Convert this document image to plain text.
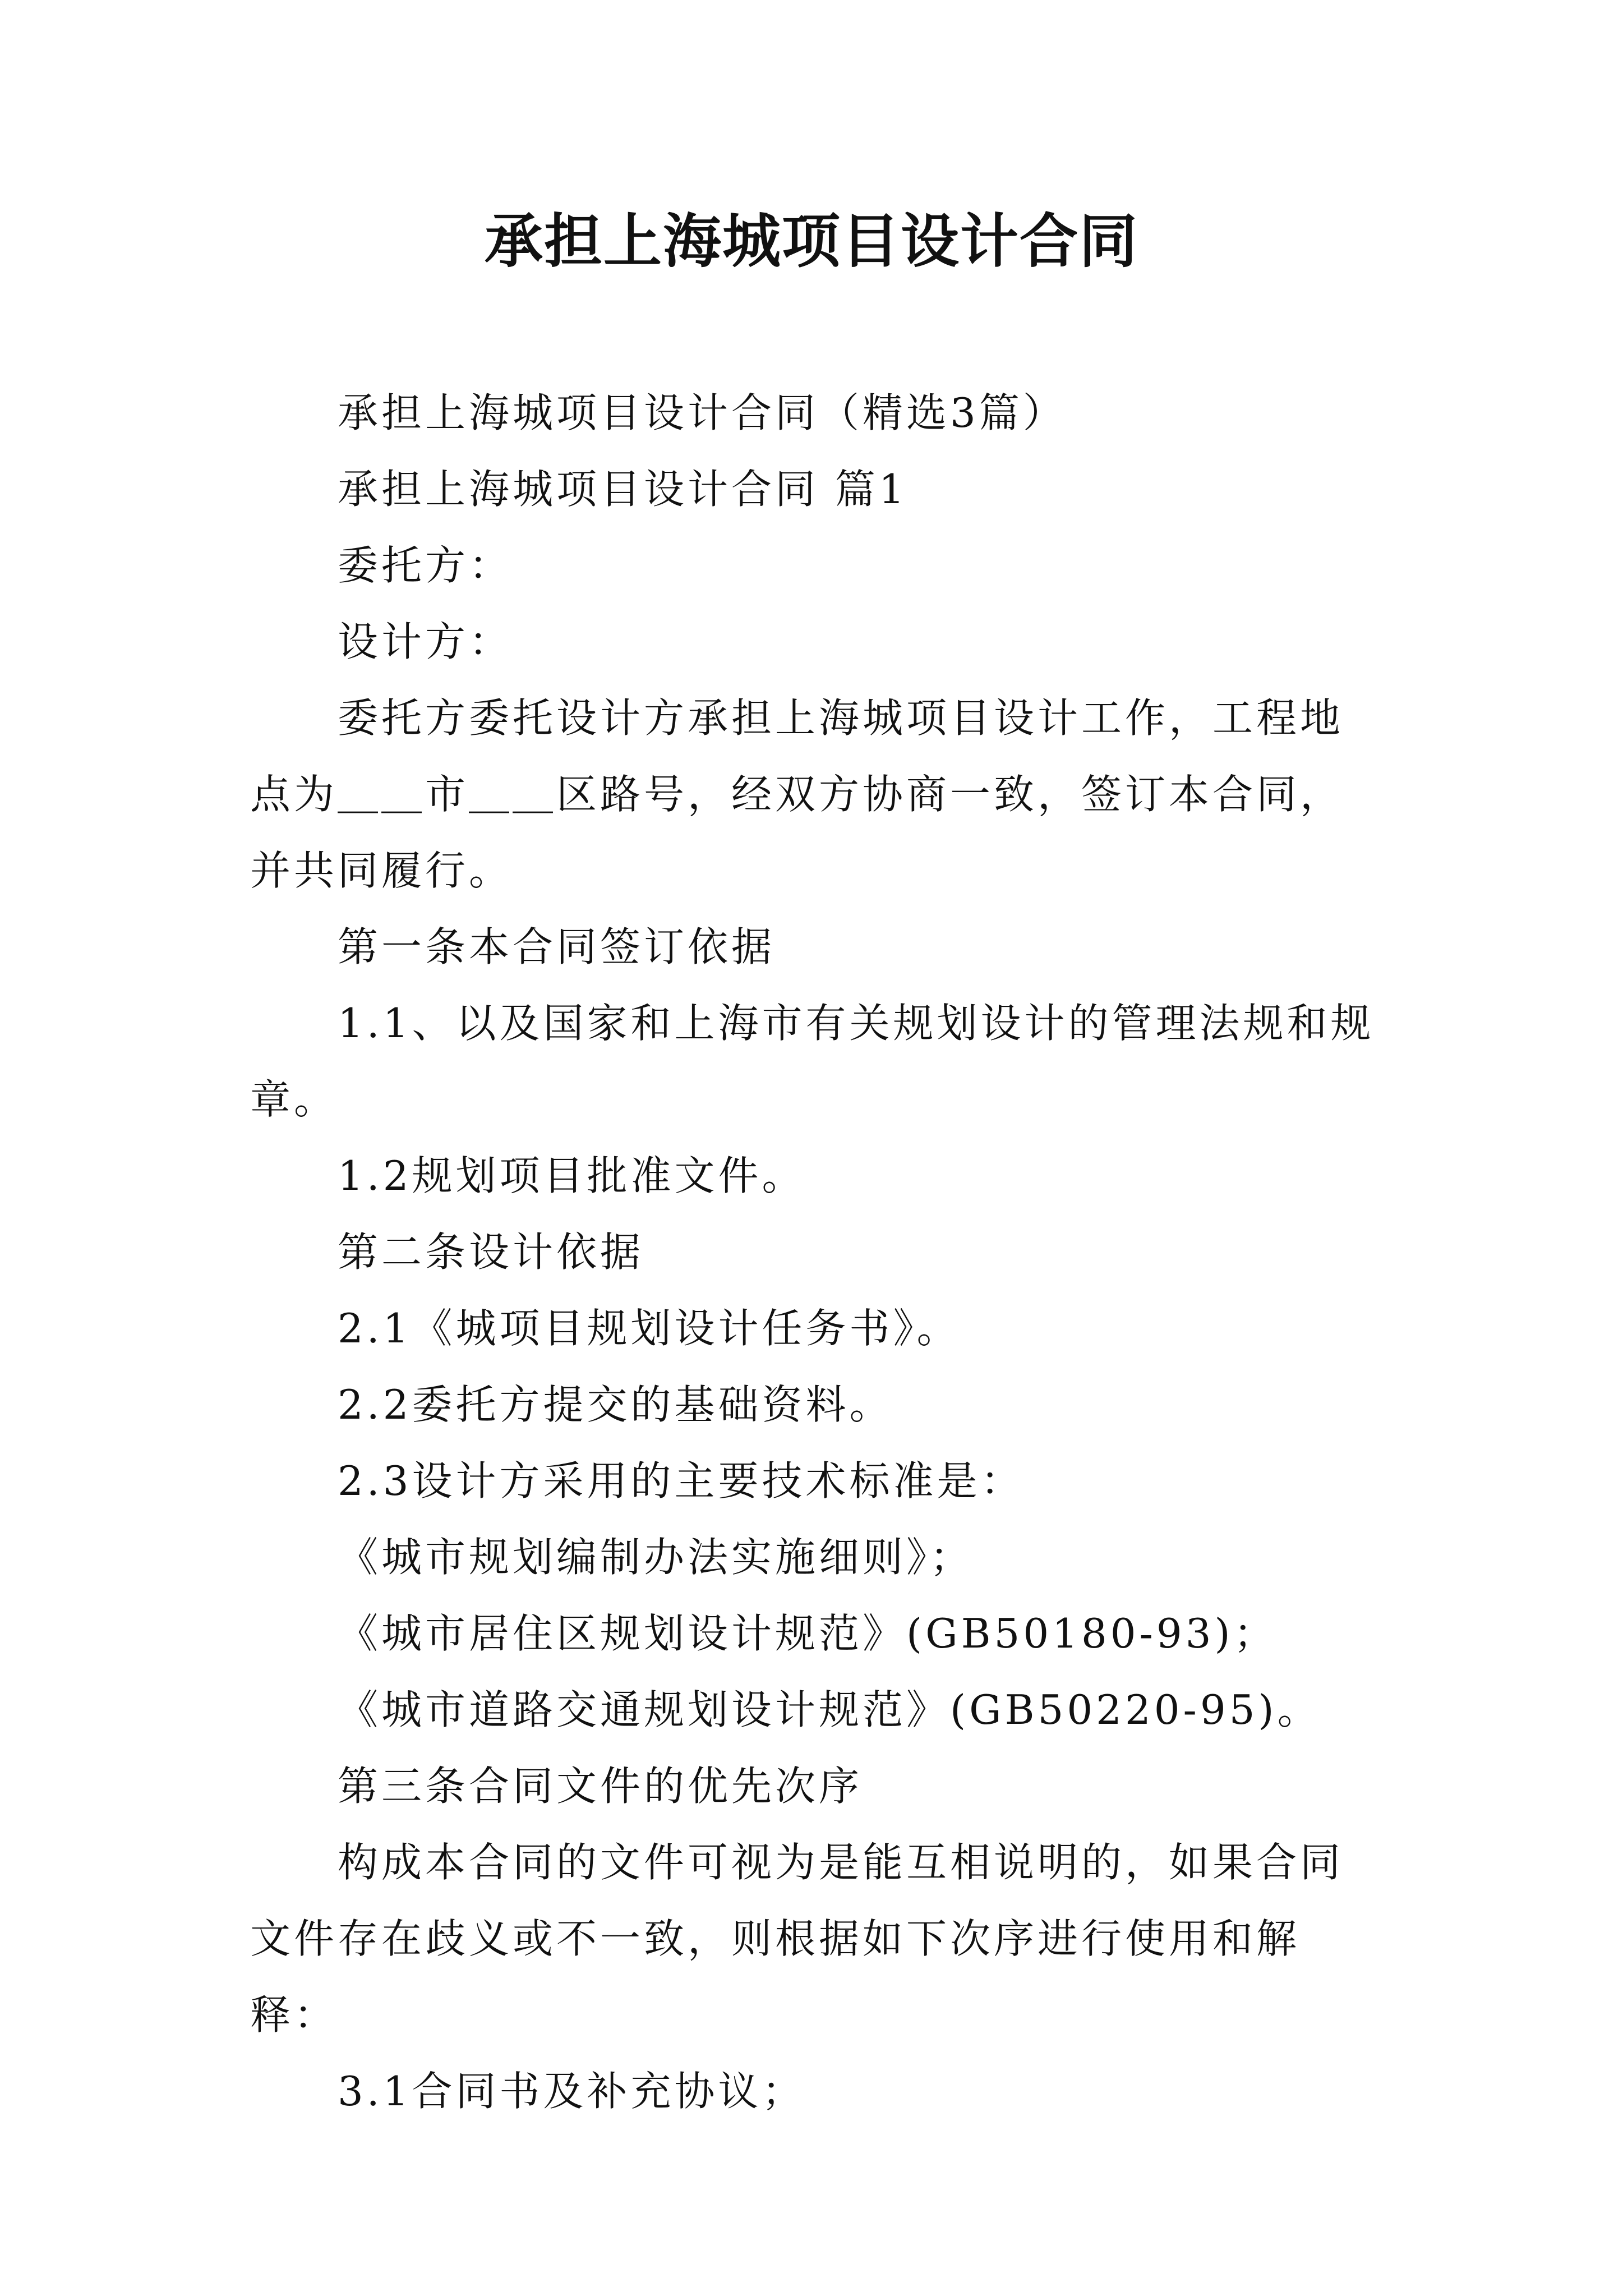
承担上海城项目设计合同

承担上海城项目设计合同（精选3篇）

承担上海城项目设计合同 篇1

委托方：

设计方：

委托方委托设计方承担上海城项目设计工作，工程地点为＿＿市＿＿区路号，经双方协商一致，签订本合同，并共同履行。

第一条本合同签订依据

1.1、以及国家和上海市有关规划设计的管理法规和规章。

1.2规划项目批准文件。

第二条设计依据

2.1《城项目规划设计任务书》。

2.2委托方提交的基础资料。

2.3设计方采用的主要技术标准是：

《城市规划编制办法实施细则》；

《城市居住区规划设计规范》(GB50180-93)；

《城市道路交通规划设计规范》(GB50220-95)。

第三条合同文件的优先次序

构成本合同的文件可视为是能互相说明的，如果合同文件存在歧义或不一致，则根据如下次序进行使用和解释：

3.1合同书及补充协议；
